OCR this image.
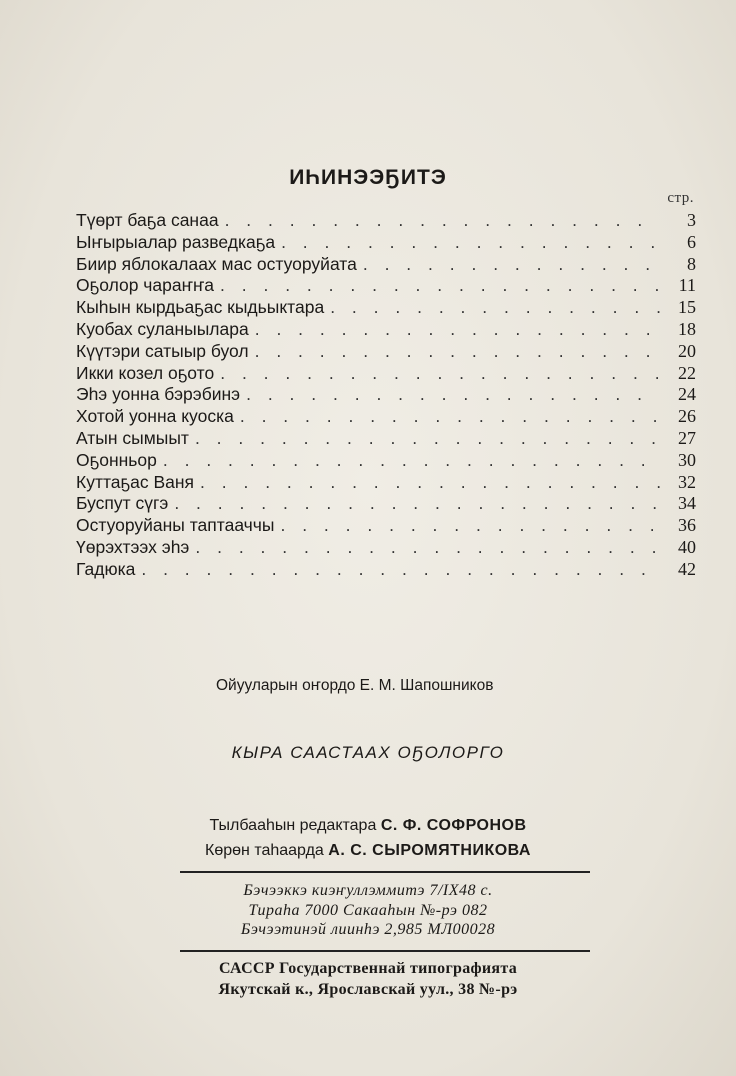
ИҺИНЭЭҔИТЭ
стр.
Түөрт баҕа санаа . . .	3
Ыҥырыалар разведкаҕа . . .	6
Биир яблокалаах мас остуоруйата . . .	8
Оҕолор чараҥҥа . . .	11
Кыһын кырдьаҕас кыдьыктара . . .	15
Куобах суланыылара . . .	18
Күүтэри сатыыр буол . . .	20
Икки козел оҕото . . .	22
Эһэ уонна бэрэбинэ . . .	24
Хотой уонна куоска . . .	26
Атын сымыыт . . .	27
Оҕонньор . . .	30
Куттаҕас Ваня . . .	32
Буспут сүгэ . . .	34
Остуоруйаны таптааччы . . .	36
Үөрэхтээх эһэ . . .	40
Гадюка . . .	42
Ойууларын оҥордо Е. М. Шапошников
КЫРА СААСТААХ ОҔОЛОРГО
Тылбааһын редактара С. Ф. СОФРОНОВ
Көрөн таһаарда А. С. СЫРОМЯТНИКОВА
Бэчээккэ киэҥуллэммитэ 7/IX48 с.
Тираһа 7000 Сакааһын №-рэ 082
Бэчээтинэй лиинһэ 2,985 МЛ00028
САССР Государственнай типографията
Якутскай к., Ярославскай уул., 38 №-рэ
